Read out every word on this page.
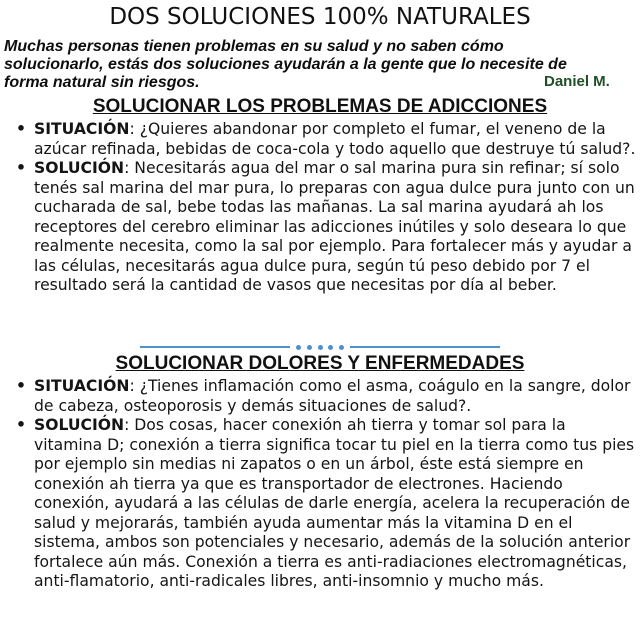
DOS SOLUCIONES 100% NATURALES
Muchas personas tienen problemas en su salud y no saben cómo solucionarlo, estás dos soluciones ayudarán a la gente que lo necesite de forma natural sin riesgos.	Daniel M.
SOLUCIONAR LOS PROBLEMAS DE ADICCIONES
• SITUACIÓN: ¿Quieres abandonar por completo el fumar, el veneno de la azúcar refinada, bebidas de coca-cola y todo aquello que destruye tú salud?.
• SOLUCIÓN: Necesitarás agua del mar o sal marina pura sin refinar; sí solo tenés sal marina del mar pura, lo preparas con agua dulce pura junto con un cucharada de sal, bebe todas las mañanas. La sal marina ayudará ah los receptores del cerebro eliminar las adicciones inútiles y solo deseara lo que realmente necesita, como la sal por ejemplo. Para fortalecer más y ayudar a las células, necesitarás agua dulce pura, según tú peso debido por 7 el resultado será la cantidad de vasos que necesitas por día al beber.
SOLUCIONAR DOLORES Y ENFERMEDADES
• SITUACIÓN: ¿Tienes inflamación como el asma, coágulo en la sangre, dolor de cabeza, osteoporosis y demás situaciones de salud?.
• SOLUCIÓN: Dos cosas, hacer conexión ah tierra y tomar sol para la vitamina D; conexión a tierra significa tocar tu piel en la tierra como tus pies por ejemplo sin medias ni zapatos o en un árbol, éste está siempre en conexión ah tierra ya que es transportador de electrones. Haciendo conexión, ayudará a las células de darle energía, acelera la recuperación de salud y mejorarás, también ayuda aumentar más la vitamina D en el sistema, ambos son potenciales y necesario, además de la solución anterior fortalece aún más. Conexión a tierra es anti-radiaciones electromagnéticas, anti-flamatorio, anti-radicales libres, anti-insomnio y mucho más.
